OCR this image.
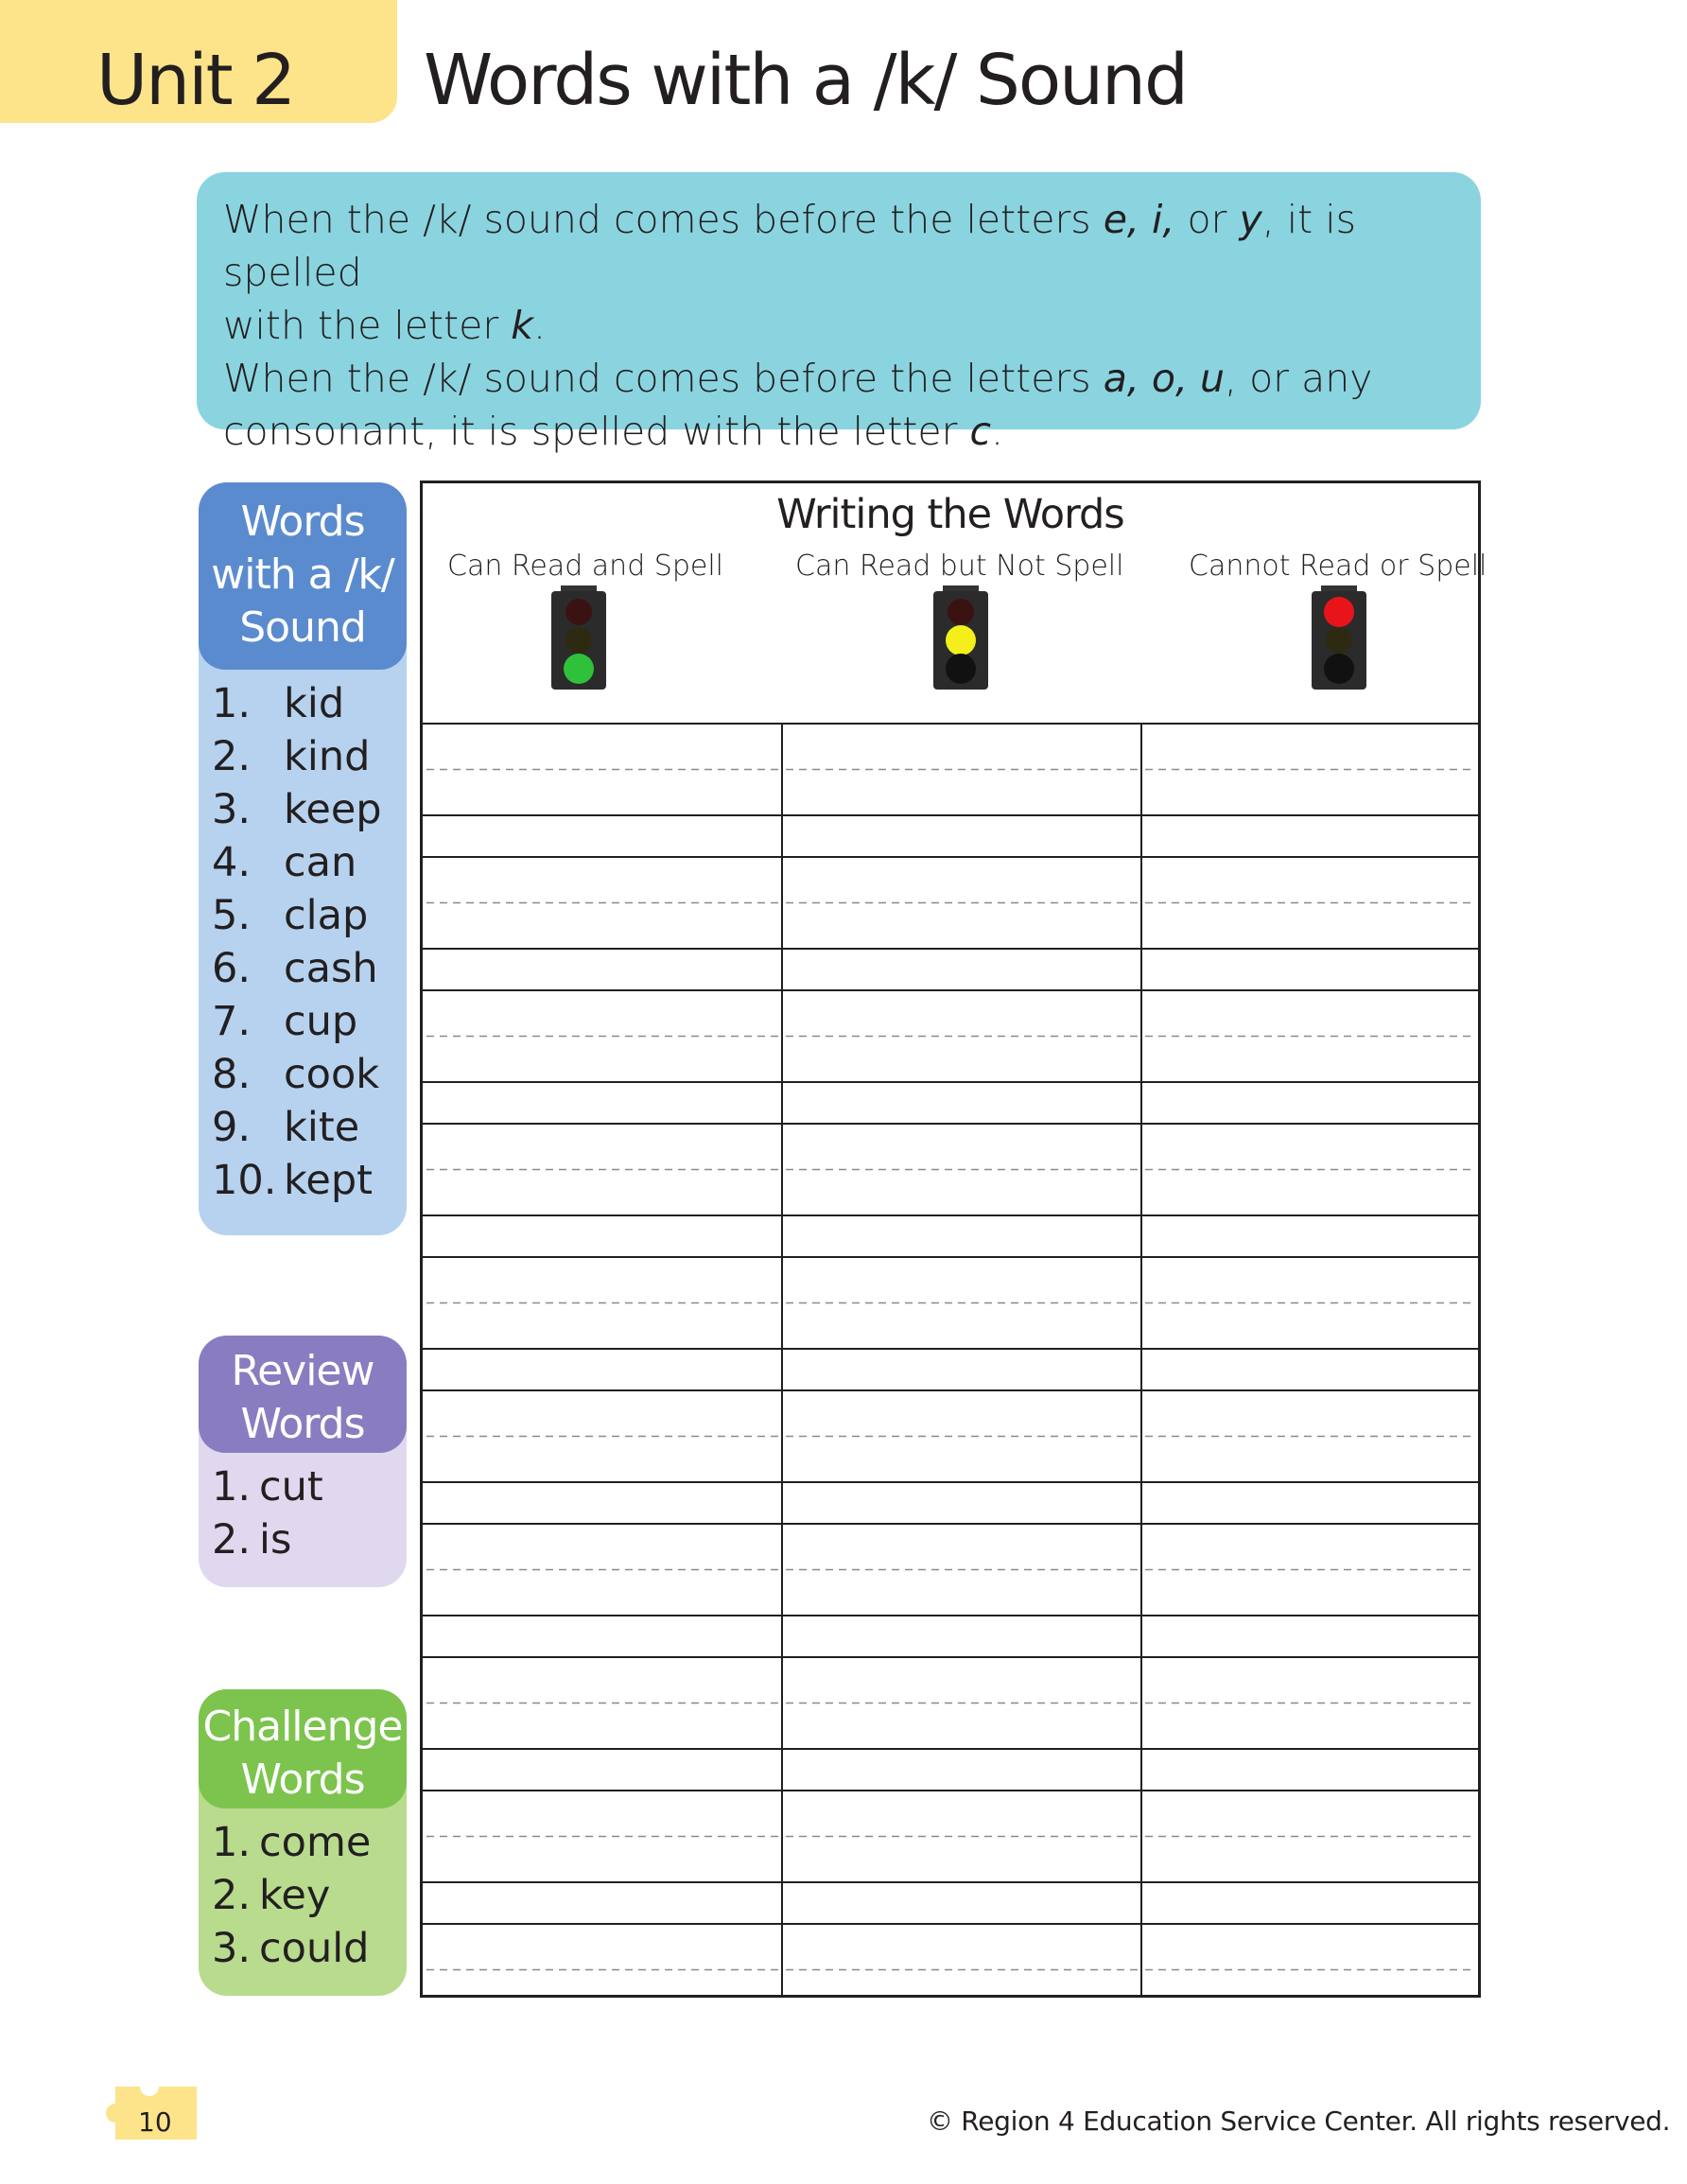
Unit 2 Words with a /k/ Sound

When the /k/ sound comes before the letters e, i, or y, it is spelled

with the letter k.

When the /k/ sound comes before the letters a, o, u, or any

consonant, it is spelled with the letter c.

Words
with a /k/
Sound
1. kid
2. kind
3. keep
4. can
5. clap
6. cash
7. cup
8. cook
9. kite
10. kept
Review
Words
1. cut
2. is
Challenge
Words
1. come
2. key
3. could
Writing the Words
Can Read and Spell	Can Read but Not Spell Cannot Read or Spell
10	© Region 4 Education Service Center. All rights reserved.
